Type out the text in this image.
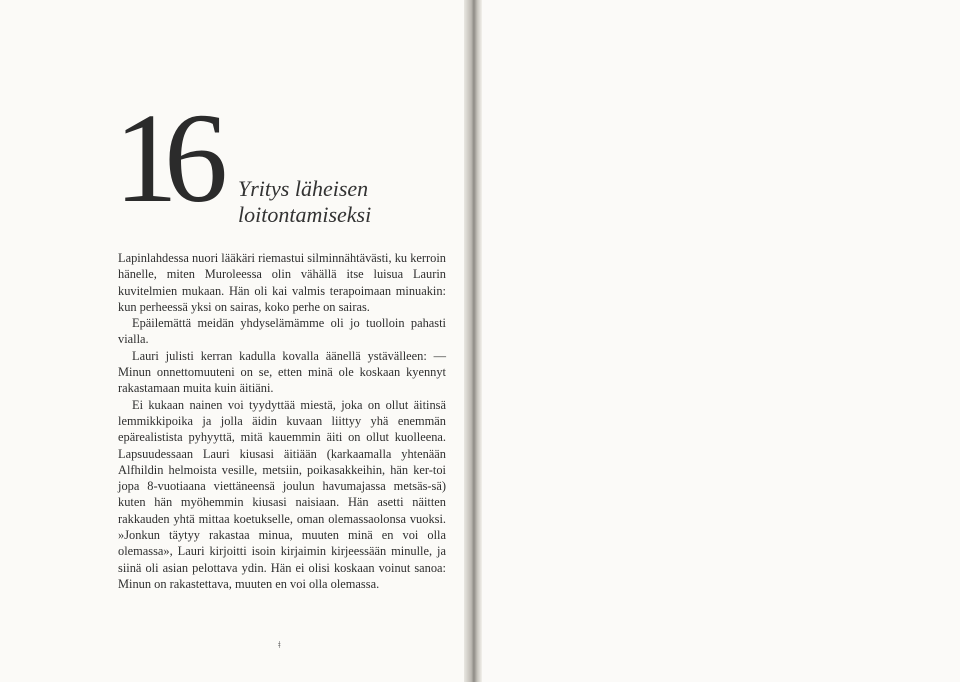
16 Yritys läheisen
loitontamiseksi

Lapinlahdessa nuori lääkäri riemastui silminnähtävästi, ku kerroin hänelle, miten Muroleessa olin vähällä itse luisua Laurin kuvitelmien mukaan. Hän oli kai valmis terapoimaan minuakin: kun perheessä yksi on sairas, koko perhe on sairas.

Epäilemättä meidän yhdyselämämme oli jo tuolloin pahasti vialla.

Lauri julisti kerran kadulla kovalla äänellä ystävälleen: — Minun onnettomuuteni on se, etten minä ole koskaan kyennyt rakastamaan muita kuin äitiäni.

Ei kukaan nainen voi tyydyttää miestä, joka on ollut äitinsä lemmikkipoika ja jolla äidin kuvaan liittyy yhä enemmän epärealistista pyhyyttä, mitä kauemmin äiti on ollut kuolleena. Lapsuudessaan Lauri kiusasi äitiään (karkaamalla yhtenään Alfhildin helmoista vesille, metsiin, poikasakkeihin, hän ker-toi jopa 8-vuotiaana viettäneensä joulun havumajassa metsäs-sä) kuten hän myöhemmin kiusasi naisiaan. Hän asetti näitten rakkauden yhtä mittaa koetukselle, oman olemassaolonsa vuoksi. »Jonkun täytyy rakastaa minua, muuten minä en voi olla olemassa», Lauri kirjoitti isoin kirjaimin kirjeessään minulle, ja siinä oli asian pelottava ydin. Hän ei olisi koskaan voinut sanoa: Minun on rakastettava, muuten en voi olla olemassa.

ǂ
